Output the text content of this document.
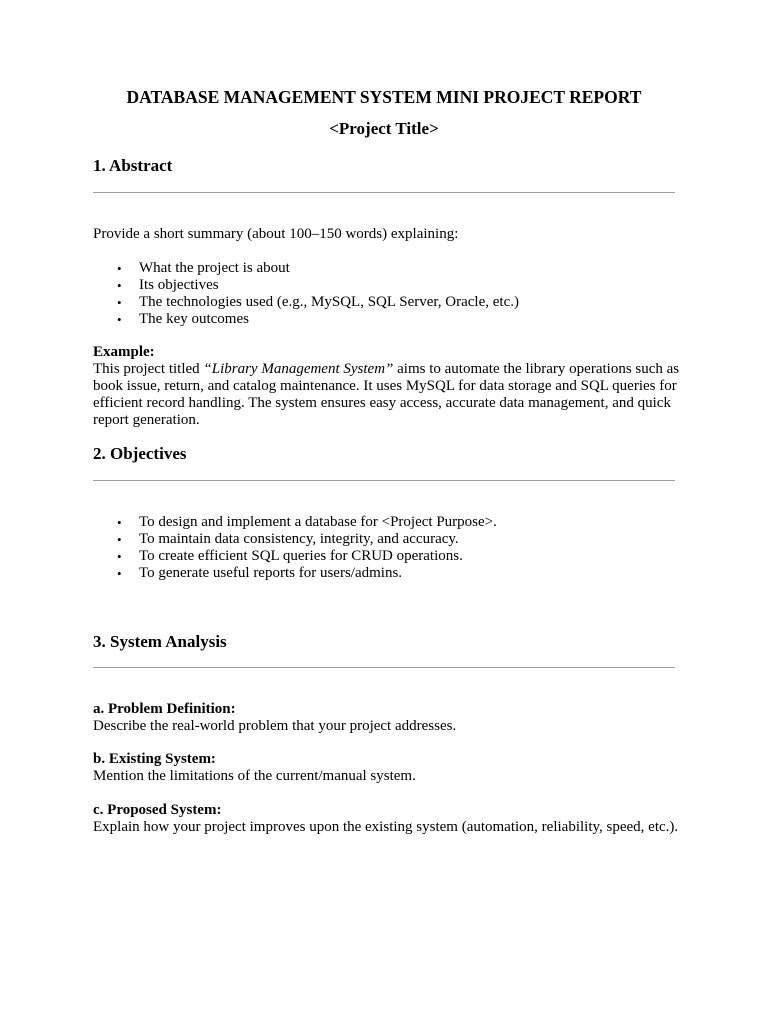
DATABASE MANAGEMENT SYSTEM MINI PROJECT REPORT
<Project Title>
1. Abstract

Provide a short summary (about 100–150 words) explaining:

• What the project is about
• Its objectives
• The technologies used (e.g., MySQL, SQL Server, Oracle, etc.)
• The key outcomes
Example:
This project titled “Library Management System” aims to automate the library operations such as book issue, return, and catalog maintenance. It uses MySQL for data storage and SQL queries for efficient record handling. The system ensures easy access, accurate data management, and quick report generation.
2. Objectives
• To design and implement a database for <Project Purpose>.
• To maintain data consistency, integrity, and accuracy.
• To create efficient SQL queries for CRUD operations.
• To generate useful reports for users/admins.
3. System Analysis
a. Problem Definition:
Describe the real-world problem that your project addresses.
b. Existing System:
Mention the limitations of the current/manual system.
c. Proposed System:
Explain how your project improves upon the existing system (automation, reliability, speed, etc.).
